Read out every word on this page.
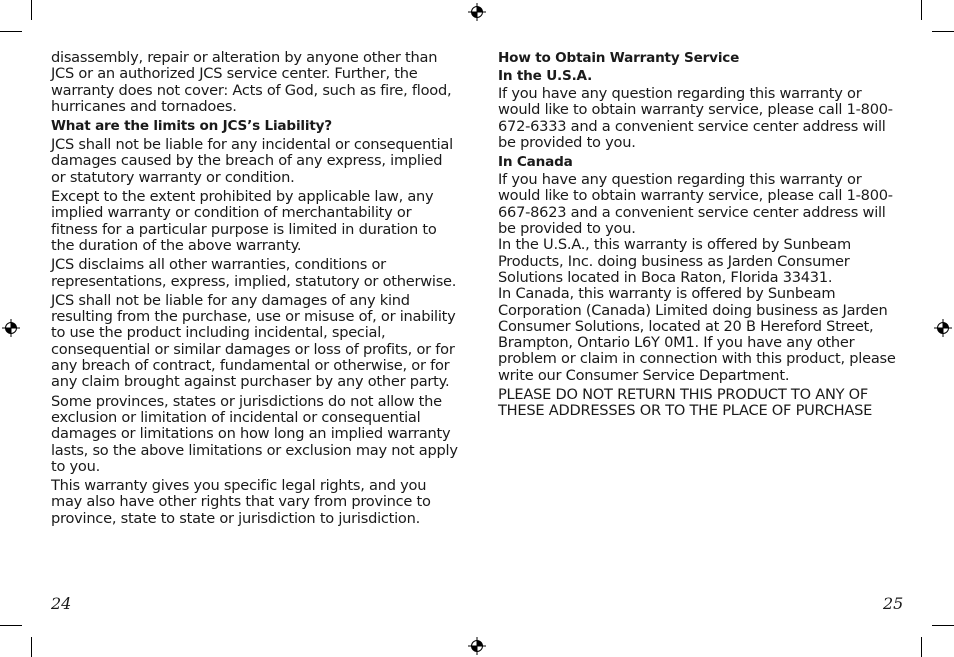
disassembly, repair or alteration by anyone other than JCS or an authorized JCS service center. Further, the warranty does not cover: Acts of God, such as fire, flood, hurricanes and tornadoes.

What are the limits on JCS’s Liability?

JCS shall not be liable for any incidental or consequential damages caused by the breach of any express, implied or statutory warranty or condition.

Except to the extent prohibited by applicable law, any implied warranty or condition of merchantability or fitness for a particular purpose is limited in duration to the duration of the above warranty.

JCS disclaims all other warranties, conditions or representations, express, implied, statutory or otherwise.

JCS shall not be liable for any damages of any kind resulting from the purchase, use or misuse of, or inability to use the product including incidental, special, consequential or similar damages or loss of profits, or for any breach of contract, fundamental or otherwise, or for any claim brought against purchaser by any other party.

Some provinces, states or jurisdictions do not allow the exclusion or limitation of incidental or consequential damages or limitations on how long an implied warranty lasts, so the above limitations or exclusion may not apply to you.

This warranty gives you specific legal rights, and you may also have other rights that vary from province to province, state to state or jurisdiction to jurisdiction.

How to Obtain Warranty Service
In the U.S.A.

If you have any question regarding this warranty or would like to obtain warranty service, please call 1-800-672-6333 and a convenient service center address will be provided to you.

In Canada

If you have any question regarding this warranty or would like to obtain warranty service, please call 1-800-667-8623 and a convenient service center address will be provided to you.

In the U.S.A., this warranty is offered by Sunbeam Products, Inc. doing business as Jarden Consumer Solutions located in Boca Raton, Florida 33431.

In Canada, this warranty is offered by Sunbeam Corporation (Canada) Limited doing business as Jarden Consumer Solutions, located at 20 B Hereford Street, Brampton, Ontario L6Y 0M1. If you have any other problem or claim in connection with this product, please write our Consumer Service Department.

PLEASE DO NOT RETURN THIS PRODUCT TO ANY OF THESE ADDRESSES OR TO THE PLACE OF PURCHASE

24	25
